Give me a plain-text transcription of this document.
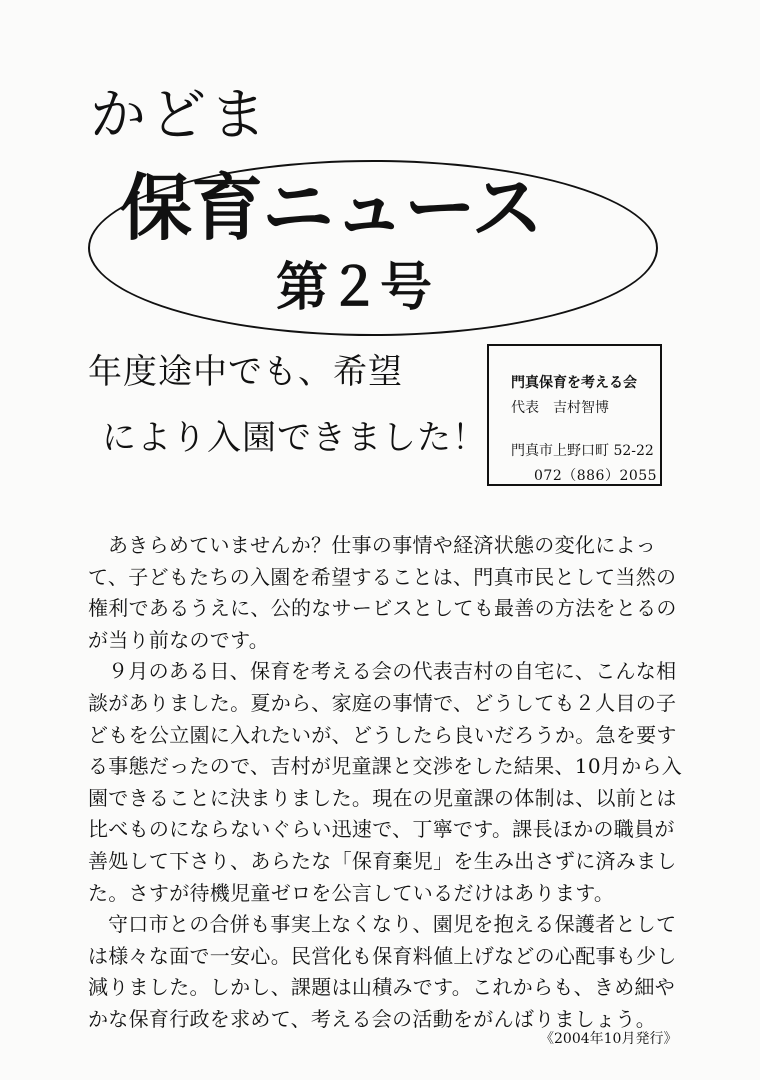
かどま
保育ニュース
第２号
年度途中でも、希望
により入園できました！
門真保育を考える会
代表　吉村智博
門真市上野口町 52-22
072（886）2055

あきらめていませんか？仕事の事情や経済状態の変化によって、子どもたちの入園を希望することは、門真市民として当然の権利であるうえに、公的なサービスとしても最善の方法をとるのが当り前なのです。

９月のある日、保育を考える会の代表吉村の自宅に、こんな相談がありました。夏から、家庭の事情で、どうしても２人目の子どもを公立園に入れたいが、どうしたら良いだろうか。急を要する事態だったので、吉村が児童課と交渉をした結果、10月から入園できることに決まりました。現在の児童課の体制は、以前とは比べものにならないぐらい迅速で、丁寧です。課長ほかの職員が善処して下さり、あらたな「保育棄児」を生み出さずに済みました。さすが待機児童ゼロを公言しているだけはあります。

守口市との合併も事実上なくなり、園児を抱える保護者としては様々な面で一安心。民営化も保育料値上げなどの心配事も少し減りました。しかし、課題は山積みです。これからも、きめ細やかな保育行政を求めて、考える会の活動をがんばりましょう。

《2004年10月発行》
